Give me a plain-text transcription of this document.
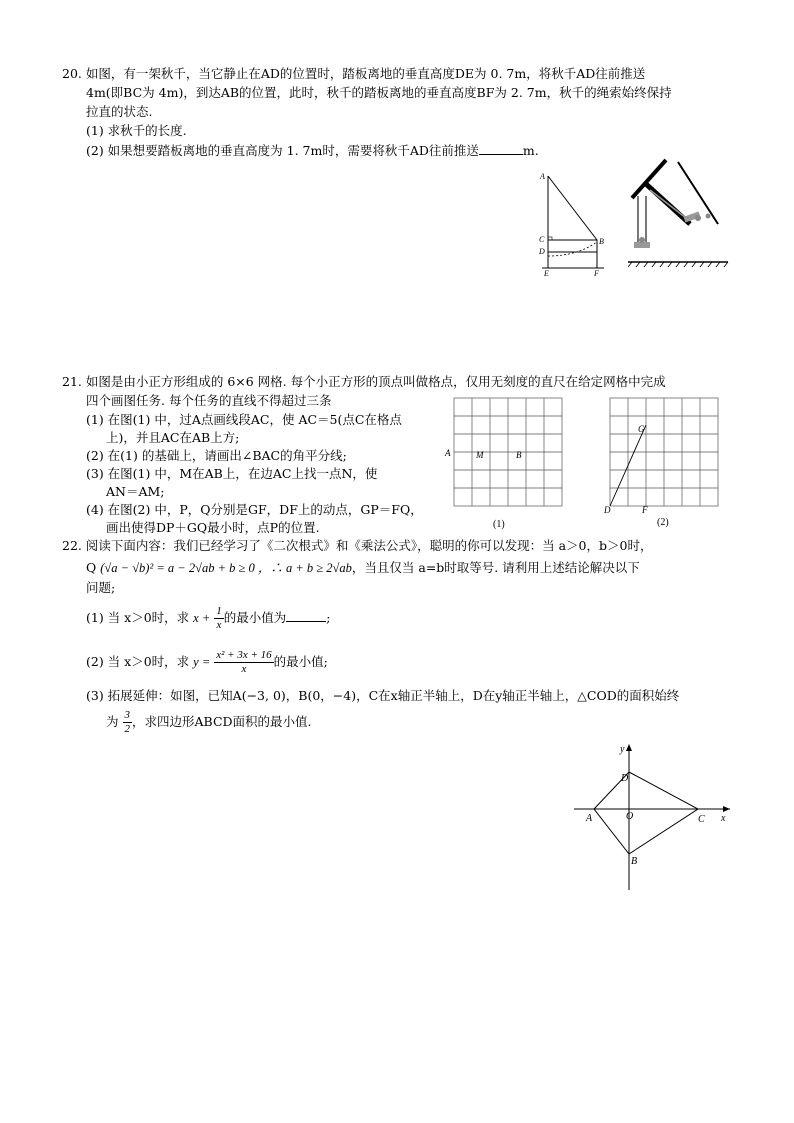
20. 如图，有一架秋千，当它静止在AD的位置时，踏板离地的垂直高度DE为 0. 7m，将秋千AD往前推送
4m(即BC为 4m)，到达AB的位置，此时，秋千的踏板离地的垂直高度BF为 2. 7m，秋千的绳索始终保持
拉直的状态.
(1) 求秋千的长度.
(2) 如果想要踏板离地的垂直高度为 1. 7m时，需要将秋千AD往前推送	m.
A
C
D
B
E	F
21. 如图是由小正方形组成的 6×6 网格. 每个小正方形的顶点叫做格点，仅用无刻度的直尺在给定网格中完成
四个画图任务. 每个任务的直线不得超过三条
(1) 在图(1) 中，过A点画线段AC，使 AC＝5(点C在格点
上)，并且AC在AB上方;
(2) 在(1) 的基础上，请画出∠BAC的角平分线;
(3) 在图(1) 中，M在AB上，在边AC上找一点N，使
AN＝AM;
(4) 在图(2) 中，P，Q分别是GF，DF上的动点，GP＝FQ，
画出使得DP＋GQ最小时，点P的位置.
A	M	B
(1)
G
D	F
(2)
22. 阅读下面内容：我们已经学习了《二次根式》和《乘法公式》，聪明的你可以发现：当 a＞0，b＞0时，
Q (√a − √b)² = a − 2√ab + b ≥ 0 ，∴ a + b ≥ 2√ab，当且仅当 a=b时取等号. 请利用上述结论解决以下
问题;
(1) 当 x＞0时，求 $x + \frac{1}{x}$ 的最小值为	;
(2) 当 x＞0时，求 $y = \frac{\text{x² + 3x + 16}}{x}$ 的最小值;
(3) 拓展延伸：如图，已知A(−3, 0)，B(0，−4)，C在x轴正半轴上，D在y轴正半轴上，△COD的面积始终
为 $\frac{3}{2}$ ，求四边形ABCD面积的最小值.
y
x
D
A	O	C
B
